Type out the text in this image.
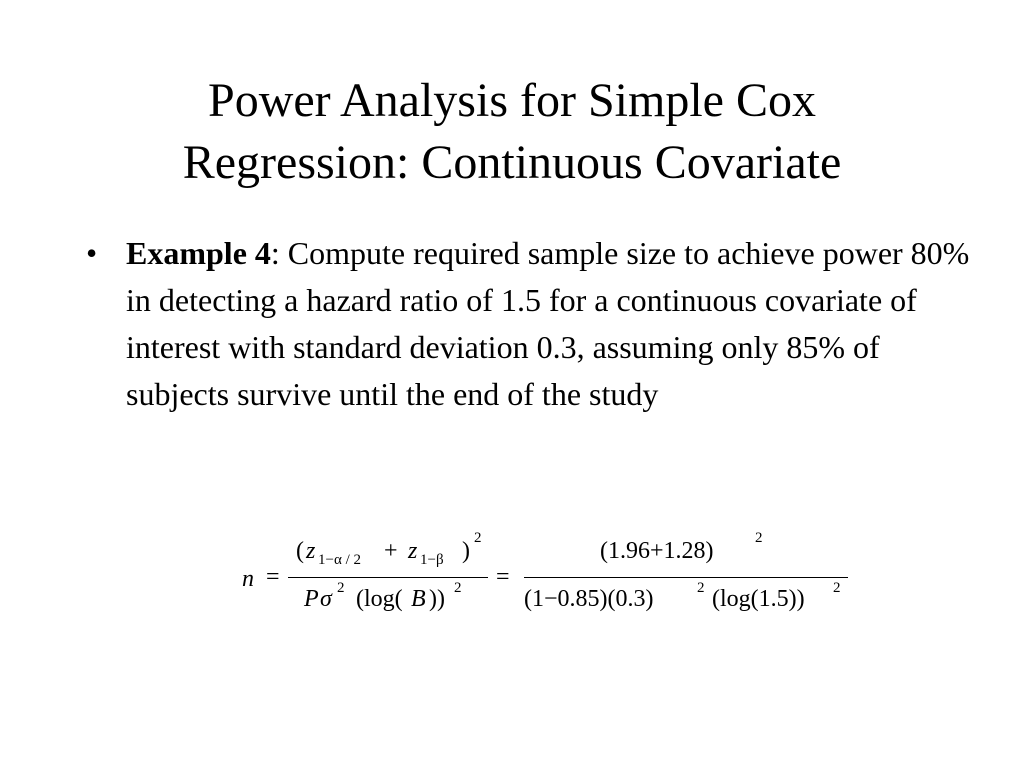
Power Analysis for Simple Cox
Regression: Continuous Covariate
• Example 4: Compute required sample size to achieve power 80% in detecting a hazard ratio of 1.5 for a continuous covariate of interest with standard deviation 0.3, assuming only 85% of subjects survive until the end of the study
n =
( z 1−α / 2 + z 1−β ) 2
P σ 2 (log( B )) 2 =
(1.96+1.28)	2
(1−0.85)(0.3)	2 (log(1.5)) 2
